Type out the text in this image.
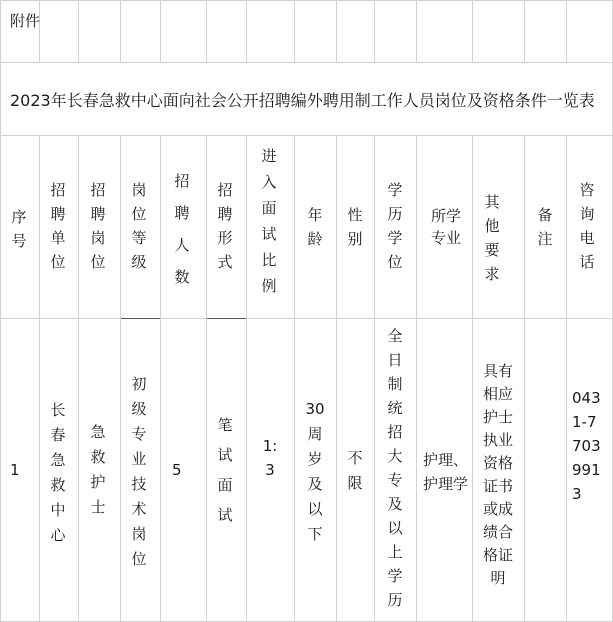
附件
2023年长春急救中心面向社会公开招聘编外聘用制工作人员岗位及资格条件一览表
序号
招聘单位
招聘岗位
岗位等级
招聘人数
招聘形式
进入面试比例
年龄
性别
学历学位
所学专业
其他要求
备注
咨询电话
1
长春急救中心
急救护士
初级专业技术岗位
5
笔试面试
1:3
30周岁及以下
不限
全日制统招大专及以上学历
护理、护理学
具有相应护士执业资格证书或成绩合格证明
0431-77039913
